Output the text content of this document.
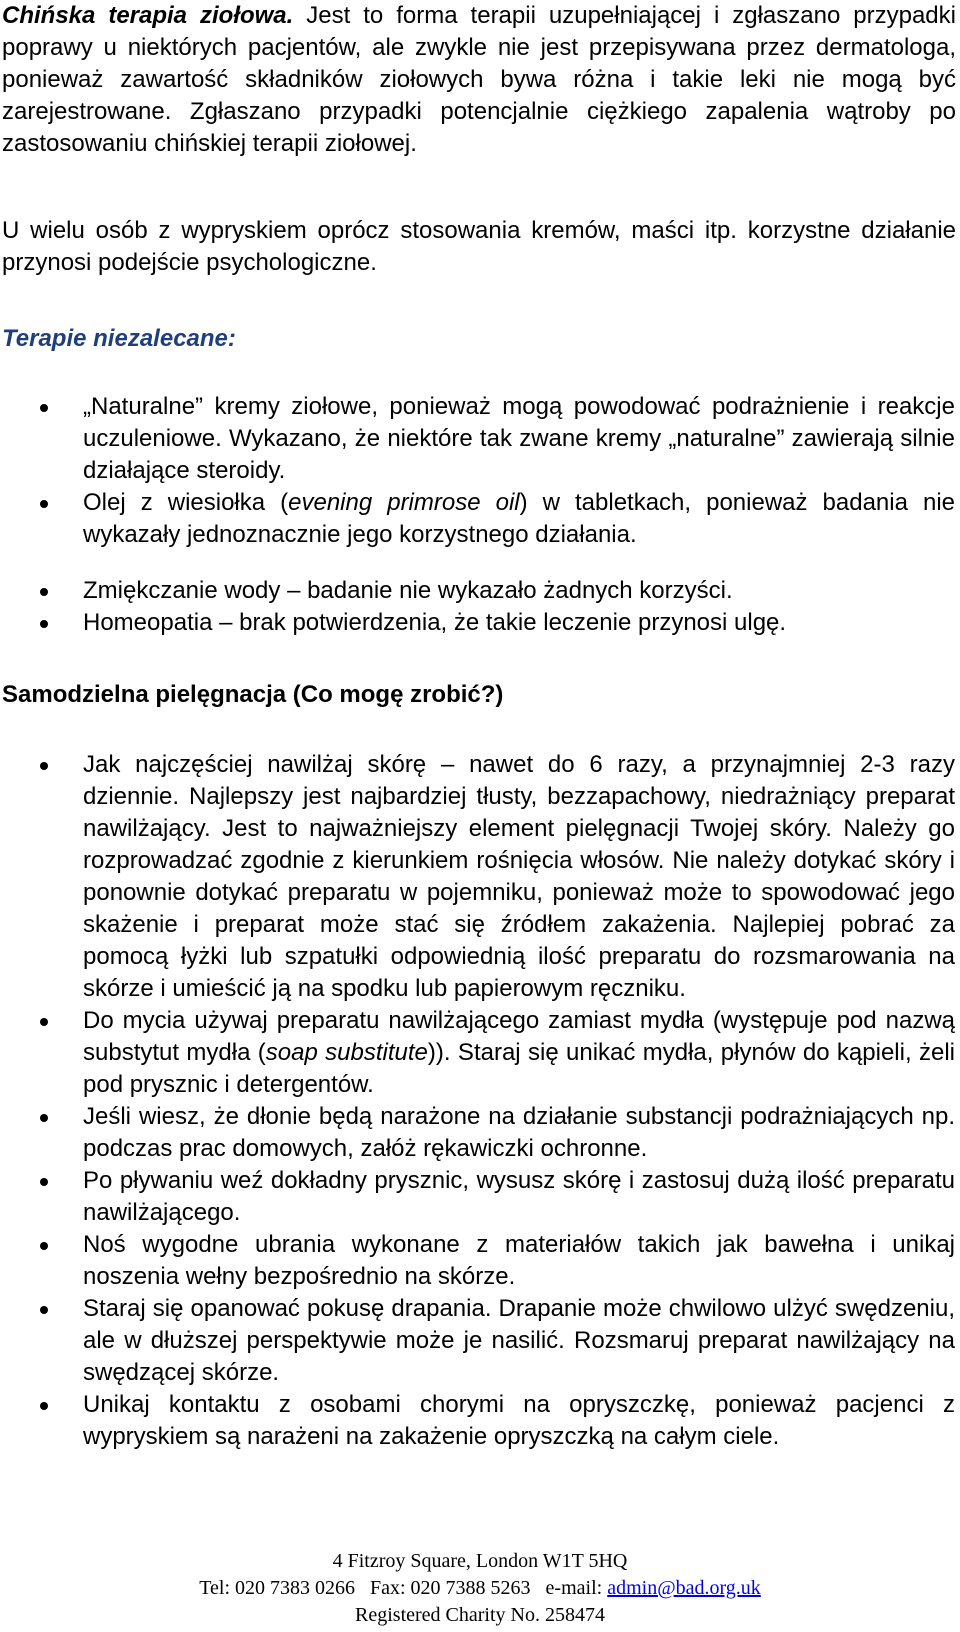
Chińska terapia ziołowa. Jest to forma terapii uzupełniającej i zgłaszano przypadki poprawy u niektórych pacjentów, ale zwykle nie jest przepisywana przez dermatologa, ponieważ zawartość składników ziołowych bywa różna i takie leki nie mogą być zarejestrowane. Zgłaszano przypadki potencjalnie ciężkiego zapalenia wątroby po zastosowaniu chińskiej terapii ziołowej.

U wielu osób z wypryskiem oprócz stosowania kremów, maści itp. korzystne działanie przynosi podejście psychologiczne.

Terapie niezalecane:
„Naturalne” kremy ziołowe, ponieważ mogą powodować podrażnienie i reakcje uczuleniowe. Wykazano, że niektóre tak zwane kremy „naturalne” zawierają silnie działające steroidy.
Olej z wiesiołka (evening primrose oil) w tabletkach, ponieważ badania nie wykazały jednoznacznie jego korzystnego działania.
Zmiękczanie wody – badanie nie wykazało żadnych korzyści.
Homeopatia – brak potwierdzenia, że takie leczenie przynosi ulgę.
Samodzielna pielęgnacja (Co mogę zrobić?)
Jak najczęściej nawilżaj skórę – nawet do 6 razy, a przynajmniej 2-3 razy dziennie. Najlepszy jest najbardziej tłusty, bezzapachowy, niedrażniący preparat nawilżający. Jest to najważniejszy element pielęgnacji Twojej skóry. Należy go rozprowadzać zgodnie z kierunkiem rośnięcia włosów. Nie należy dotykać skóry i ponownie dotykać preparatu w pojemniku, ponieważ może to spowodować jego skażenie i preparat może stać się źródłem zakażenia. Najlepiej pobrać za pomocą łyżki lub szpatułki odpowiednią ilość preparatu do rozsmarowania na skórze i umieścić ją na spodku lub papierowym ręczniku.
Do mycia używaj preparatu nawilżającego zamiast mydła (występuje pod nazwą substytut mydła (soap substitute)). Staraj się unikać mydła, płynów do kąpieli, żeli pod prysznic i detergentów.
Jeśli wiesz, że dłonie będą narażone na działanie substancji podrażniających np. podczas prac domowych, załóż rękawiczki ochronne.
Po pływaniu weź dokładny prysznic, wysusz skórę i zastosuj dużą ilość preparatu nawilżającego.
Noś wygodne ubrania wykonane z materiałów takich jak bawełna i unikaj noszenia wełny bezpośrednio na skórze.
Staraj się opanować pokusę drapania. Drapanie może chwilowo ulżyć swędzeniu, ale w dłuższej perspektywie może je nasilić. Rozsmaruj preparat nawilżający na swędzącej skórze.
Unikaj kontaktu z osobami chorymi na opryszczkę, ponieważ pacjenci z wypryskiem są narażeni na zakażenie opryszczką na całym ciele.
4 Fitzroy Square, London W1T 5HQ
Tel: 020 7383 0266   Fax: 020 7388 5263   e-mail: admin@bad.org.uk
Registered Charity No. 258474
